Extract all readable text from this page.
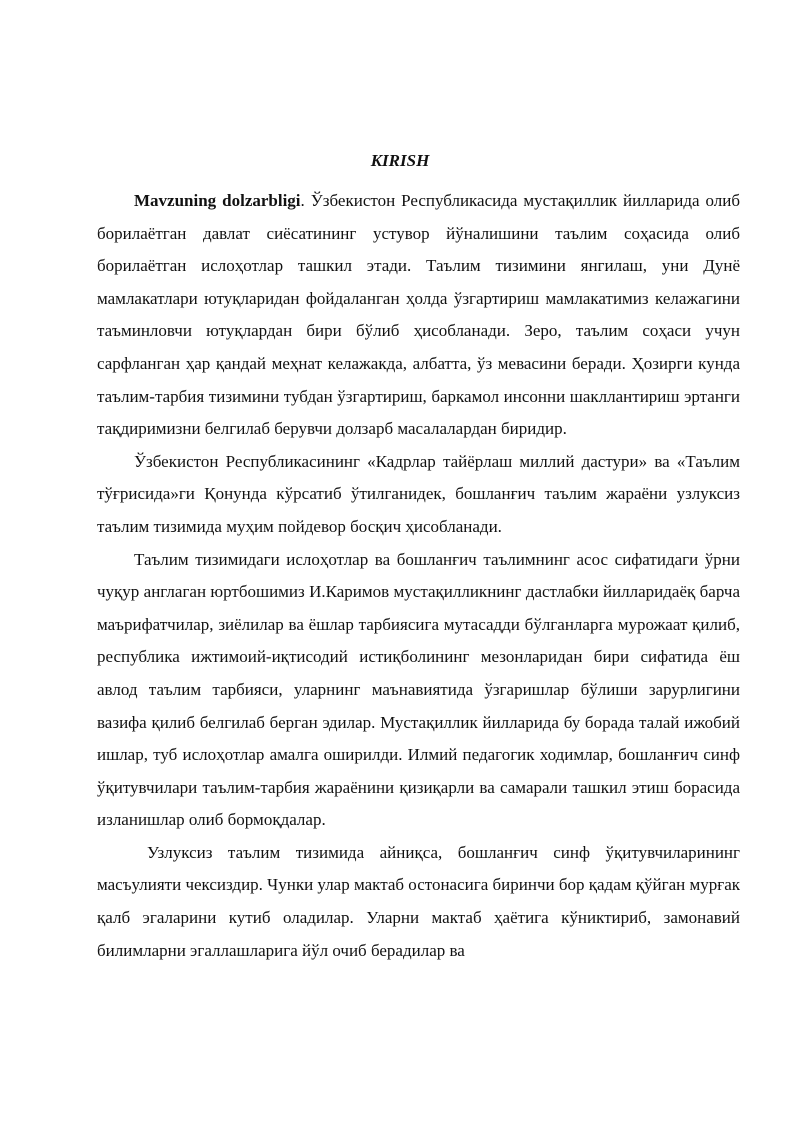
KIRISH

Mavzuning dolzarbligi. Ўзбекистон Республикасида мустақиллик йилларида олиб борилаётган давлат сиёсатининг устувор йўналишини таълим соҳасида олиб борилаётган ислоҳотлар ташкил этади. Таълим тизимини янгилаш, уни Дунё мамлакатлари ютуқларидан фойдаланган ҳолда ўзгартириш мамлакатимиз келажагини таъминловчи ютуқлардан бири бўлиб ҳисобланади. Зеро, таълим соҳаси учун сарфланган ҳар қандай меҳнат келажакда, албатта, ўз мевасини беради. Ҳозирги кунда таълим-тарбия тизимини тубдан ўзгартириш, баркамол инсонни шакллантириш эртанги тақдиримизни белгилаб берувчи долзарб масалалардан биридир.

Ўзбекистон Республикасининг «Кадрлар тайёрлаш миллий дастури» ва «Таълим тўғрисида»ги Қонунда кўрсатиб ўтилганидек, бошланғич таълим жараёни узлуксиз таълим тизимида муҳим пойдевор босқич ҳисобланади.

Таълим тизимидаги ислоҳотлар ва бошланғич таълимнинг асос сифатидаги ўрни чуқур англаган юртбошимиз И.Каримов мустақилликнинг дастлабки йилларидаёқ барча маърифатчилар, зиёлилар ва ёшлар тарбиясига мутасадди бўлганларга мурожаат қилиб, республика ижтимоий-иқтисодий истиқболининг мезонларидан бири сифатида ёш авлод таълим тарбияси, уларнинг маънавиятида ўзгаришлар бўлиши зарурлигини вазифа қилиб белгилаб берган эдилар. Мустақиллик йилларида бу борада талай ижобий ишлар, туб ислоҳотлар амалга оширилди. Илмий педагогик ходимлар, бошланғич синф ўқитувчилари таълим-тарбия жараёнини қизиқарли ва самарали ташкил этиш борасида изланишлар олиб бормоқдалар.

Узлуксиз таълим тизимида айниқса, бошланғич синф ўқитувчиларининг масъулияти чексиздир. Чунки улар мактаб остонасига биринчи бор қадам қўйган мурғак қалб эгаларини кутиб оладилар. Уларни мактаб ҳаётига кўниктириб, замонавий билимларни эгаллашларига йўл очиб берадилар ва
